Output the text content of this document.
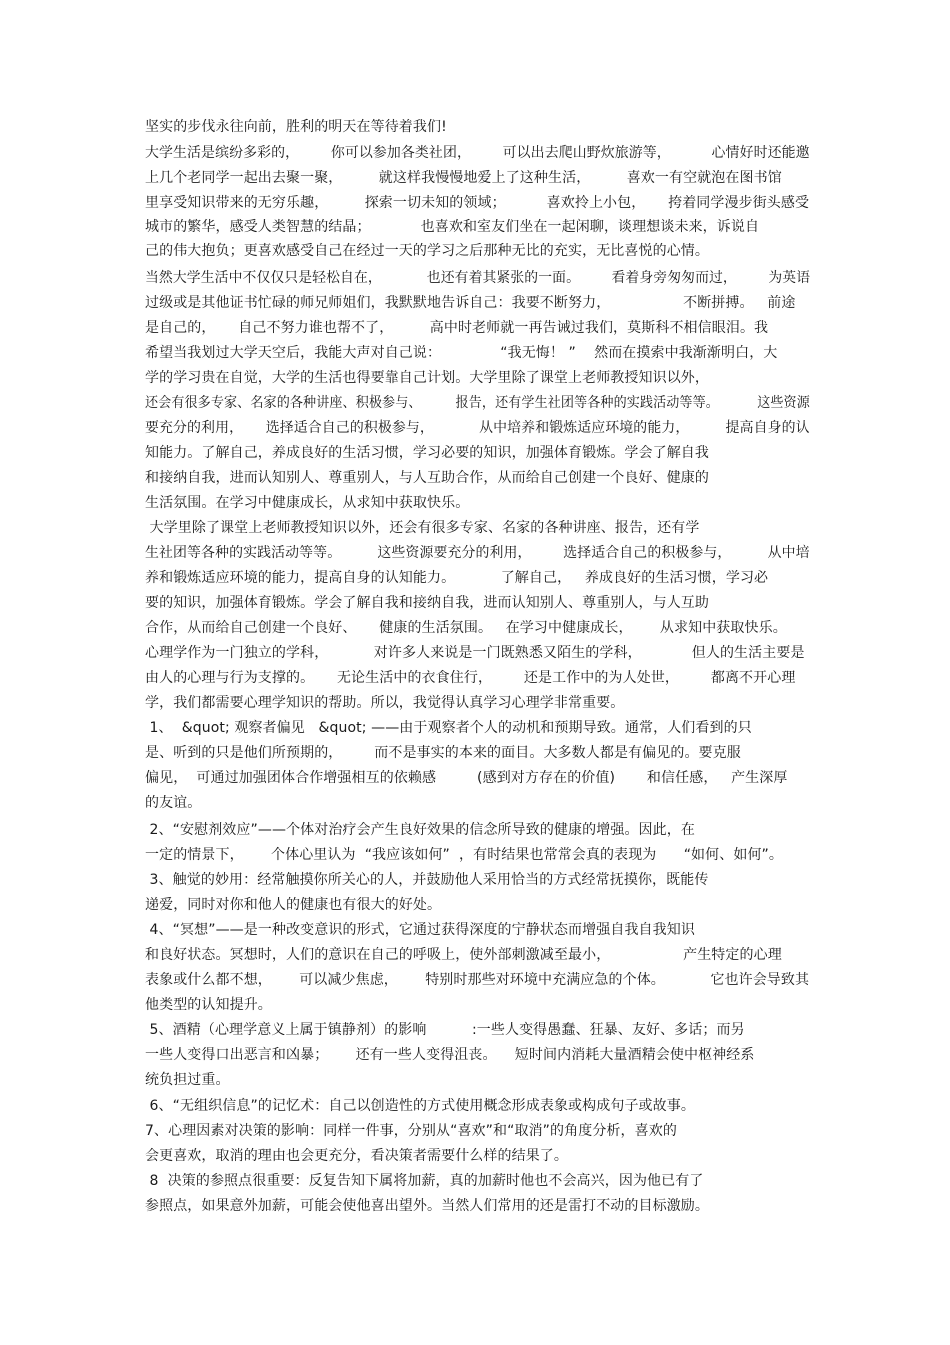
坚实的步伐永往向前，胜利的明天在等待着我们!
大学生活是缤纷多彩的，       你可以参加各类社团，       可以出去爬山野炊旅游等，         心情好时还能邀
上几个老同学一起出去聚一聚，        就这样我慢慢地爱上了这种生活，        喜欢一有空就泡在图书馆
里享受知识带来的无穷乐趣，        探索一切未知的领域；         喜欢拎上小包，     挎着同学漫步街头感受
城市的繁华，感受人类智慧的结晶；           也喜欢和室友们坐在一起闲聊，谈理想谈未来，诉说自
己的伟大抱负；更喜欢感受自己在经过一天的学习之后那种无比的充实，无比喜悦的心情。
当然大学生活中不仅仅只是轻松自在，          也还有着其紧张的一面。       看着身旁匆匆而过，       为英语
过级或是其他证书忙碌的师兄师姐们，我默默地告诉自己：我要不断努力，                不断拼搏。   前途
是自己的，     自己不努力谁也帮不了，        高中时老师就一再告诫过我们，莫斯科不相信眼泪。我
希望当我划过大学天空后，我能大声对自己说：             “我无悔！ ”    然而在摸索中我渐渐明白，大
学的学习贵在自觉，大学的生活也得要靠自己计划。大学里除了课堂上老师教授知识以外，
还会有很多专家、名家的各种讲座、积极参与、        报告，还有学生社团等各种的实践活动等等。         这些资源
要充分的利用，     选择适合自己的积极参与，          从中培养和锻炼适应环境的能力，        提高自身的认
知能力。了解自己，养成良好的生活习惯，学习必要的知识，加强体育锻炼。学会了解自我
和接纳自我，进而认知别人、尊重别人，与人互助合作，从而给自己创建一个良好、健康的
生活氛围。在学习中健康成长，从求知中获取快乐。
大学里除了课堂上老师教授知识以外，还会有很多专家、名家的各种讲座、报告，还有学
生社团等各种的实践活动等等。        这些资源要充分的利用，       选择适合自己的积极参与，        从中培
养和锻炼适应环境的能力，提高自身的认知能力。          了解自己，   养成良好的生活习惯，学习必
要的知识，加强体育锻炼。学会了解自我和接纳自我，进而认知别人、尊重别人，与人互助
合作，从而给自己创建一个良好、     健康的生活氛围。   在学习中健康成长，      从求知中获取快乐。
心理学作为一门独立的学科，          对许多人来说是一门既熟悉又陌生的学科，           但人的生活主要是
由人的心理与行为支撑的。     无论生活中的衣食住行，       还是工作中的为人处世，       都离不开心理
学，我们都需要心理学知识的帮助。所以，我觉得认真学习心理学非常重要。
1、  &quot; 观察者偏见   &quot; ——由于观察者个人的动机和预期导致。通常，人们看到的只
是、听到的只是他们所预期的，       而不是事实的本来的面目。大多数人都是有偏见的。要克服
偏见，  可通过加强团体合作增强相互的依赖感         (感到对方存在的价值)       和信任感，   产生深厚
的友谊。
2、“安慰剂效应”——个体对治疗会产生良好效果的信念所导致的健康的增强。因此，在
一定的情景下，      个体心里认为  “我应该如何”  ，有时结果也常常会真的表现为      “如何、如何”。
3、触觉的妙用：经常触摸你所关心的人，并鼓励他人采用恰当的方式经常抚摸你，既能传
递爱，同时对你和他人的健康也有很大的好处。
4、“冥想”——是一种改变意识的形式，它通过获得深度的宁静状态而增强自我自我知识
和良好状态。冥想时，人们的意识在自己的呼吸上，使外部刺激减至最小，                产生特定的心理
表象或什么都不想，      可以减少焦虑，      特别时那些对环境中充满应急的个体。          它也许会导致其
他类型的认知提升。
5、酒精（心理学意义上属于镇静剂）的影响          :一些人变得愚蠢、狂暴、友好、多话；而另
一些人变得口出恶言和凶暴；      还有一些人变得沮丧。    短时间内消耗大量酒精会使中枢神经系
统负担过重。
6、“无组织信息”的记忆术：自己以创造性的方式使用概念形成表象或构成句子或故事。
7、心理因素对决策的影响：同样一件事，分别从“喜欢”和“取消”的角度分析，喜欢的
会更喜欢，取消的理由也会更充分，看决策者需要什么样的结果了。
8  决策的参照点很重要：反复告知下属将加薪，真的加薪时他也不会高兴，因为他已有了
参照点，如果意外加薪，可能会使他喜出望外。当然人们常用的还是雷打不动的目标激励。
